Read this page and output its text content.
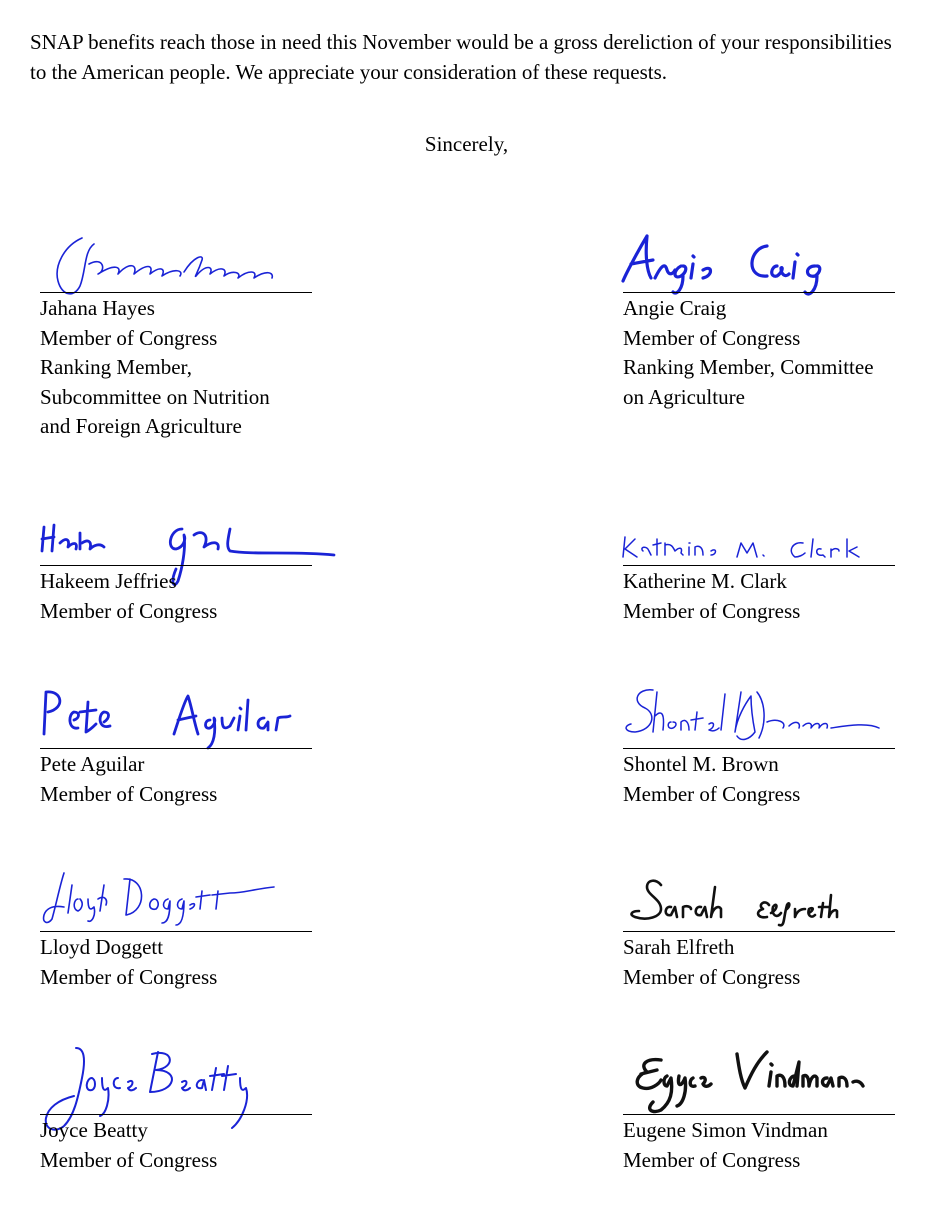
SNAP benefits reach those in need this November would be a gross dereliction of your responsibilities to the American people. We appreciate your consideration of these requests.

Sincerely,
Jahana Hayes
Member of Congress
Ranking Member,
Subcommittee on Nutrition
and Foreign Agriculture
Angie Craig
Member of Congress
Ranking Member, Committee
on Agriculture
Hakeem Jeffries
Member of Congress
Katherine M. Clark
Member of Congress
Pete Aguilar
Member of Congress
Shontel M. Brown
Member of Congress
Lloyd Doggett
Member of Congress
Sarah Elfreth
Member of Congress
Joyce Beatty
Member of Congress
Eugene Simon Vindman
Member of Congress
